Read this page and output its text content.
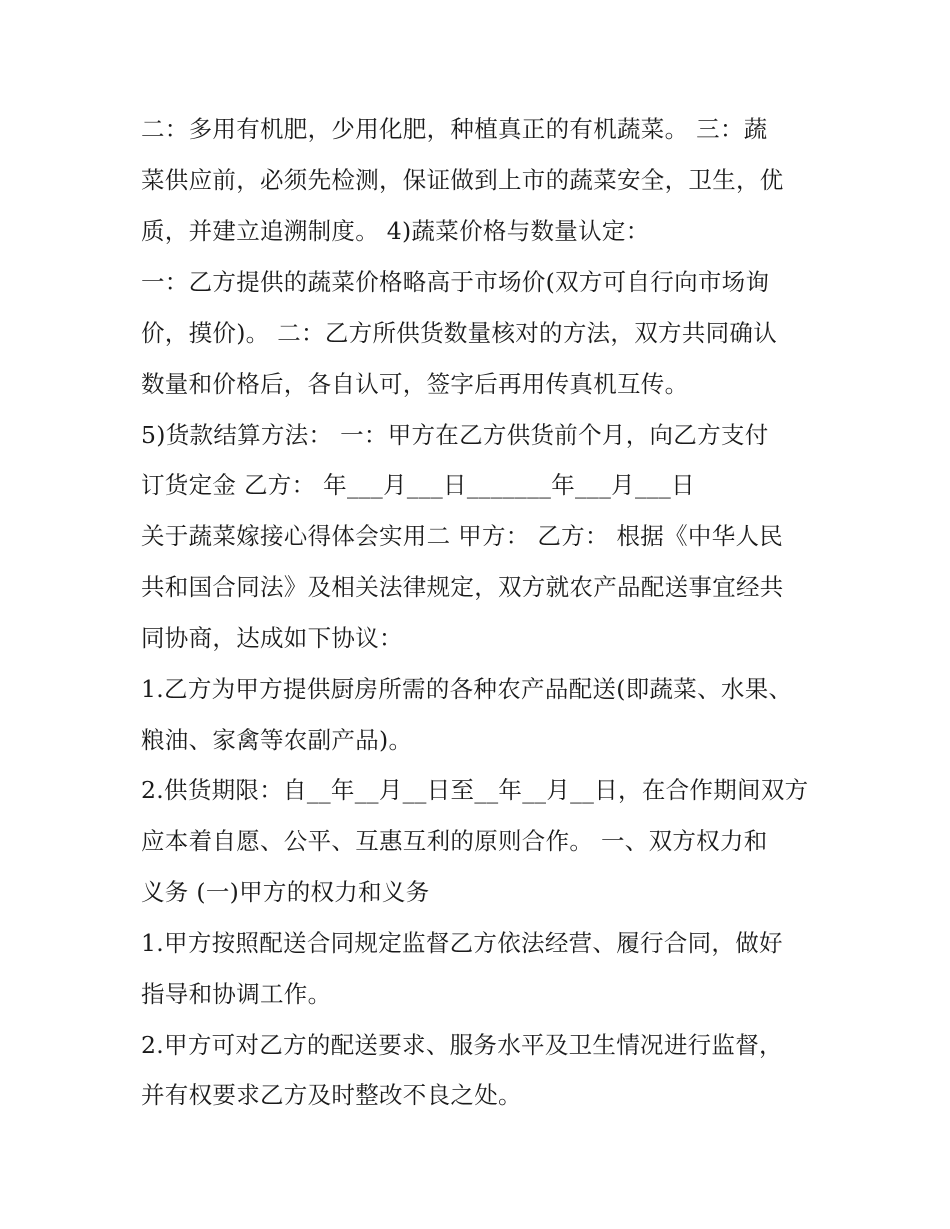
二：多用有机肥，少用化肥，种植真正的有机蔬菜。 三：蔬
菜供应前，必须先检测，保证做到上市的蔬菜安全，卫生，优
质，并建立追溯制度。 4)蔬菜价格与数量认定：
一：乙方提供的蔬菜价格略高于市场价(双方可自行向市场询
价，摸价)。 二：乙方所供货数量核对的方法，双方共同确认
数量和价格后，各自认可，签字后再用传真机互传。
5)货款结算方法： 一：甲方在乙方供货前个月，向乙方支付
订货定金 乙方： 年___月___日_______年___月___日
关于蔬菜嫁接心得体会实用二 甲方： 乙方： 根据《中华人民
共和国合同法》及相关法律规定，双方就农产品配送事宜经共
同协商，达成如下协议：
1.乙方为甲方提供厨房所需的各种农产品配送(即蔬菜、水果、
粮油、家禽等农副产品)。
2.供货期限：自__年__月__日至__年__月__日，在合作期间双方
应本着自愿、公平、互惠互利的原则合作。 一、双方权力和
义务 (一)甲方的权力和义务
1.甲方按照配送合同规定监督乙方依法经营、履行合同，做好
指导和协调工作。
2.甲方可对乙方的配送要求、服务水平及卫生情况进行监督，
并有权要求乙方及时整改不良之处。
